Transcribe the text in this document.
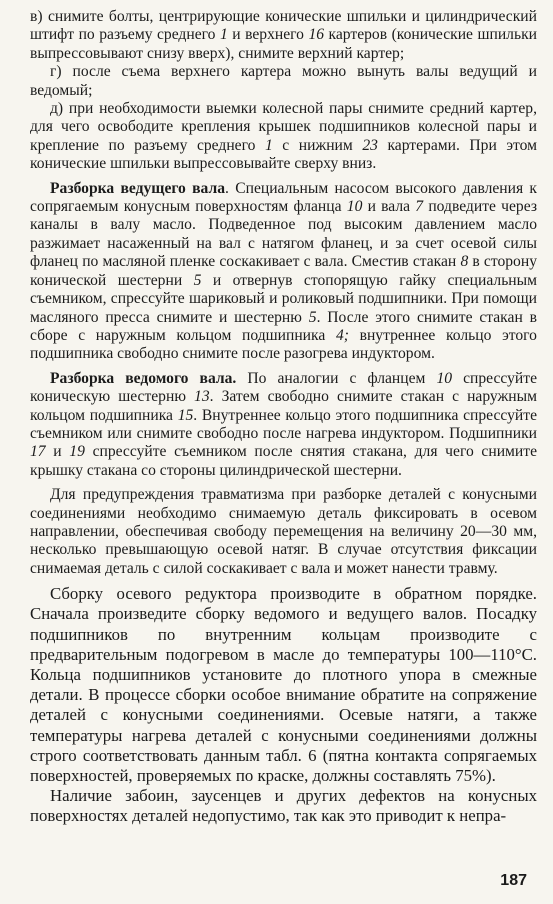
в) снимите болты, центрирующие конические шпильки и цилиндрический штифт по разъему среднего 1 и верхнего 16 картеров (конические шпильки выпрессовывают снизу вверх), снимите верхний картер;

г) после съема верхнего картера можно вынуть валы ведущий и ведомый;

д) при необходимости выемки колесной пары снимите средний картер, для чего освободите крепления крышек подшипников колесной пары и крепление по разъему среднего 1 с нижним 23 картерами. При этом конические шпильки выпрессовывайте сверху вниз.

Разборка ведущего вала. Специальным насосом высокого давления к сопрягаемым конусным поверхностям фланца 10 и вала 7 подведите через каналы в валу масло. Подведенное под высоким давлением масло разжимает насаженный на вал с натягом фланец, и за счет осевой силы фланец по масляной пленке соскакивает с вала. Сместив стакан 8 в сторону конической шестерни 5 и отвернув стопорящую гайку специальным съемником, спрессуйте шариковый и роликовый подшипники. При помощи масляного пресса снимите и шестерню 5. После этого снимите стакан в сборе с наружным кольцом подшипника 4; внутреннее кольцо этого подшипника свободно снимите после разогрева индуктором.

Разборка ведомого вала. По аналогии с фланцем 10 спрессуйте коническую шестерню 13. Затем свободно снимите стакан с наружным кольцом подшипника 15. Внутреннее кольцо этого подшипника спрессуйте съемником или снимите свободно после нагрева индуктором. Подшипники 17 и 19 спрессуйте съемником после снятия стакана, для чего снимите крышку стакана со стороны цилиндрической шестерни.

Для предупреждения травматизма при разборке деталей с конусными соединениями необходимо снимаемую деталь фиксировать в осевом направлении, обеспечивая свободу перемещения на величину 20—30 мм, несколько превышающую осевой натяг. В случае отсутствия фиксации снимаемая деталь с силой соскакивает с вала и может нанести травму.

Сборку осевого редуктора производите в обратном порядке. Сначала произведите сборку ведомого и ведущего валов. Посадку подшипников по внутренним кольцам производите с предварительным подогревом в масле до температуры 100—110°С. Кольца подшипников установите до плотного упора в смежные детали. В процессе сборки особое внимание обратите на сопряжение деталей с конусными соединениями. Осевые натяги, а также температуры нагрева деталей с конусными соединениями должны строго соответствовать данным табл. 6 (пятна контакта сопрягаемых поверхностей, проверяемых по краске, должны составлять 75%).

Наличие забоин, заусенцев и других дефектов на конусных поверхностях деталей недопустимо, так как это приводит к непра-

187
